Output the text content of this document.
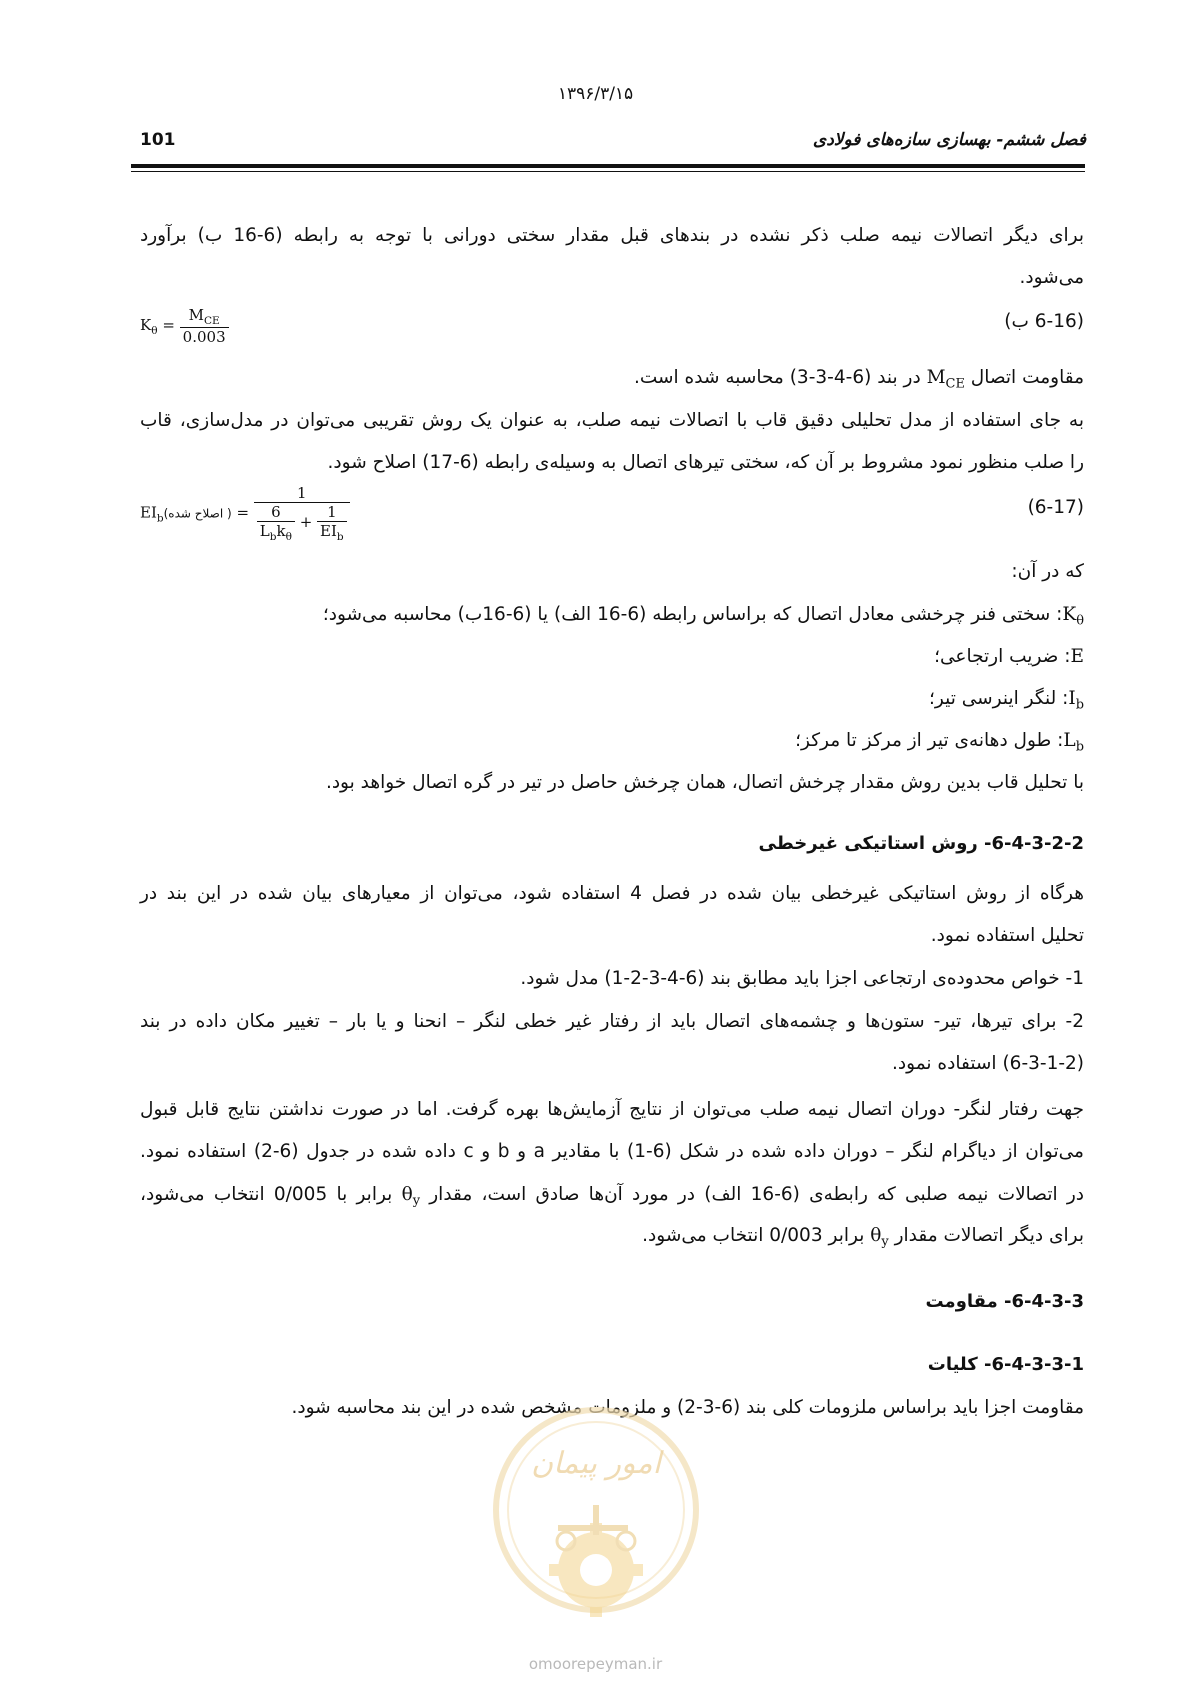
۱۳۹۶/۳/۱۵
101	فصل ششم- بهسازی سازه‌های فولادی
برای دیگر اتصالات نیمه صلب ذکر نشده در بندهای قبل مقدار سختی دورانی با توجه به رابطه (6-16 ب) برآورد
می‌شود.
(6-16 ب)
$K_\theta = \frac{M_{CE}}{0.003}$
مقاومت اتصال $M_{CE}$ در بند (6-4-3-3) محاسبه شده است.
به جای استفاده از مدل تحلیلی دقیق قاب با اتصالات نیمه صلب، به عنوان یک روش تقریبی می‌توان در مدل‌سازی، قاب
را صلب منظور نمود مشروط بر آن که، سختی تیرهای اتصال به وسیله‌ی رابطه (6-17) اصلاح شود.
(6-17)
$EI_b$( اصلاح شده) = $\frac{1}{\frac{6}{L_bk_\theta} + \frac{1}{EI_b}}$
که در آن:
$K_\theta$: سختی فنر چرخشی معادل اتصال که براساس رابطه (6-16 الف) یا (6-16ب) محاسبه می‌شود؛
E: ضریب ارتجاعی؛
$I_b$: لنگر اینرسی تیر؛
$L_b$: طول دهانه‌ی تیر از مرکز تا مرکز؛
با تحلیل قاب بدین روش مقدار چرخش اتصال، همان چرخش حاصل در تیر در گره اتصال خواهد بود.
6-4-3-2-2- روش استاتیکی غیرخطی
هرگاه از روش استاتیکی غیرخطی بیان شده در فصل 4 استفاده شود، می‌توان از معیارهای بیان شده در این بند در
تحلیل استفاده نمود.
1- خواص محدوده‌ی ارتجاعی اجزا باید مطابق بند (6-4-3-2-1) مدل شود.
2- برای تیرها، تیر- ستون‌ها و چشمه‌های اتصال باید از رفتار غیر خطی لنگر – انحنا و یا بار – تغییر مکان داده در بند
(6-3-1-2) استفاده نمود.
جهت رفتار لنگر- دوران اتصال نیمه صلب می‌توان از نتایج آزمایش‌ها بهره گرفت. اما در صورت نداشتن نتایج قابل قبول
می‌توان از دیاگرام لنگر – دوران داده شده در شکل (6-1) با مقادیر a و b و c داده شده در جدول (6-2) استفاده نمود.
در اتصالات نیمه صلبی که رابطه‌ی (6-16 الف) در مورد آن‌ها صادق است، مقدار $\theta_y$ برابر با 0/005 انتخاب می‌شود،
برای دیگر اتصالات مقدار $\theta_y$ برابر 0/003 انتخاب می‌شود.
6-4-3-3- مقاومت
6-4-3-3-1- کلیات
مقاومت اجزا باید براساس ملزومات کلی بند (6-3-2) و ملزومات مشخص شده در این بند محاسبه شود.
امور پیمان
omoorepeyman.ir
